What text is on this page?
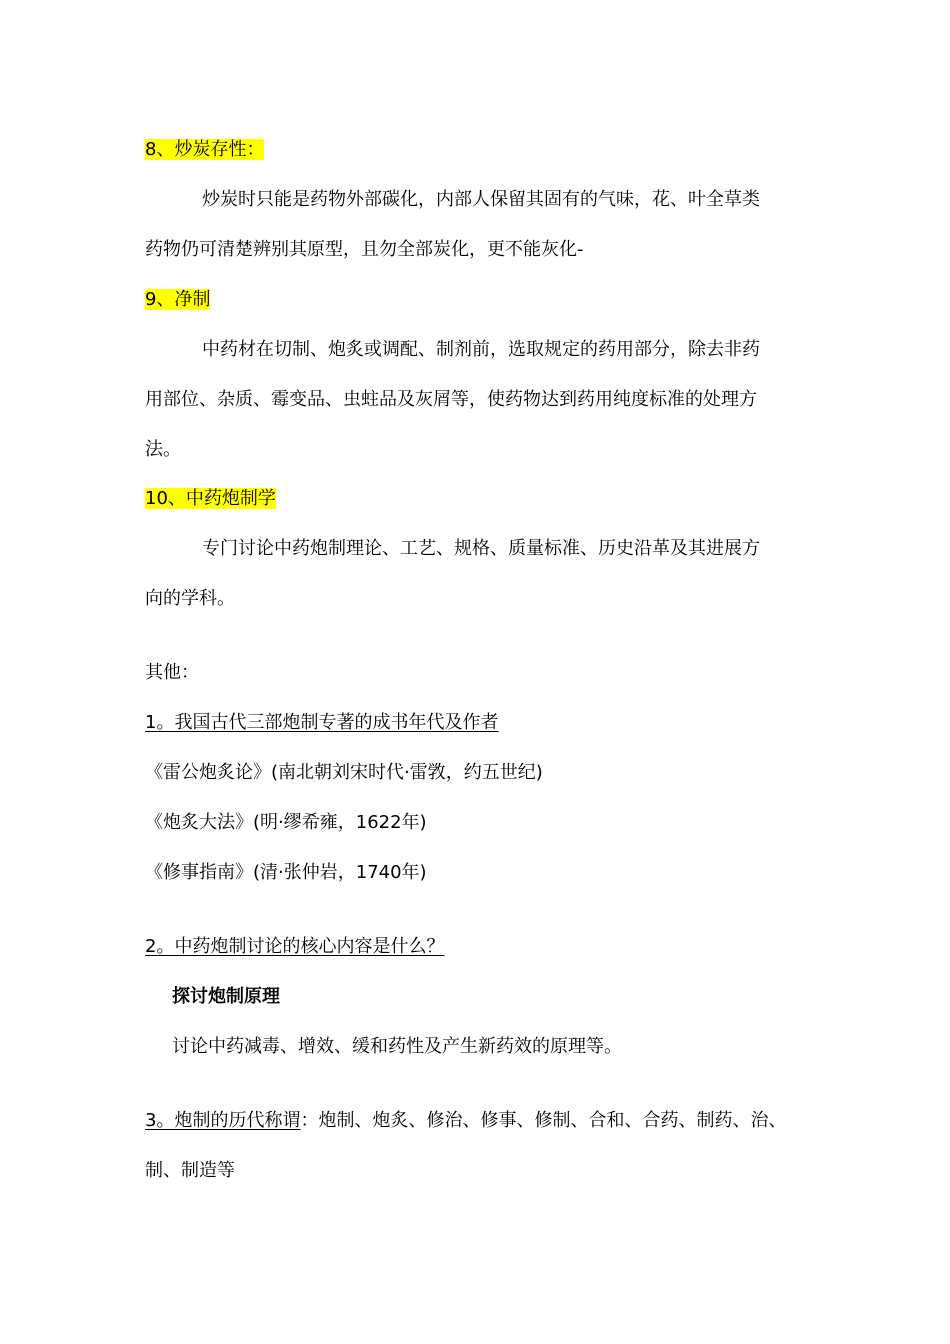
8、炒炭存性：
炒炭时只能是药物外部碳化，内部人保留其固有的气味，花、叶全草类
药物仍可清楚辨别其原型，且勿全部炭化，更不能灰化-
9、净制
中药材在切制、炮炙或调配、制剂前，选取规定的药用部分，除去非药
用部位、杂质、霉变品、虫蛀品及灰屑等，使药物达到药用纯度标准的处理方
法。
10、中药炮制学
专门讨论中药炮制理论、工艺、规格、质量标准、历史沿革及其进展方
向的学科。
其他：
1。我国古代三部炮制专著的成书年代及作者
《雷公炮炙论》(南北朝刘宋时代·雷敩，约五世纪)
《炮炙大法》(明·缪希雍，1622年)
《修事指南》(清·张仲岩，1740年)
2。中药炮制讨论的核心内容是什么？
探讨炮制原理
讨论中药减毒、增效、缓和药性及产生新药效的原理等。
3。炮制的历代称谓：炮制、炮炙、修治、修事、修制、合和、合药、制药、治、
制、制造等
